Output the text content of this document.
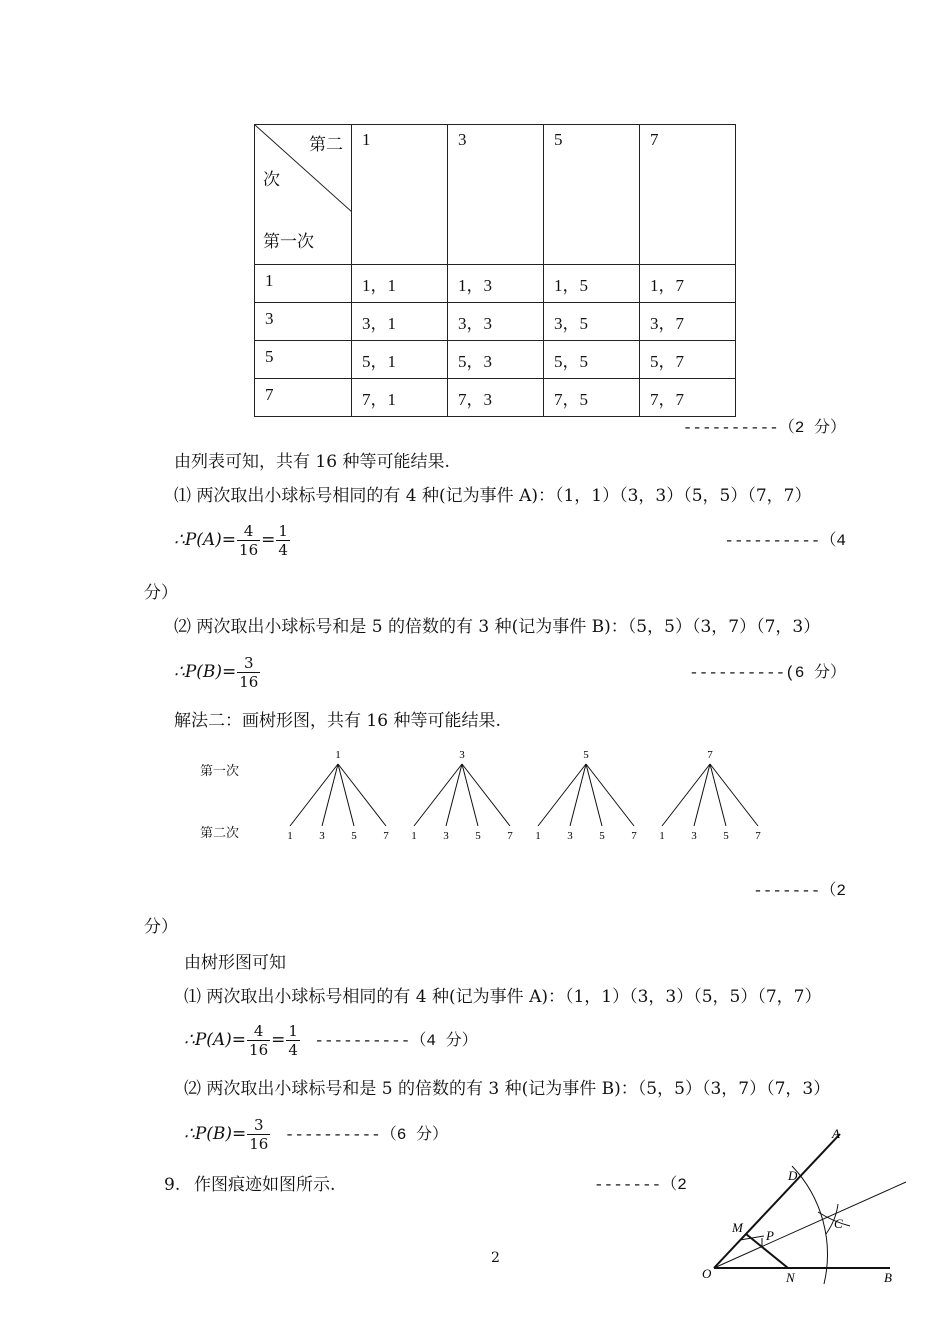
第二
次
第一次	1	3	5	7
1	1，1	1，3	1，5	1，7
3	3，1	3，3	3，5	3，7
5	5，1	5，3	5，5	5，7
7	7，1	7，3	7，5	7，7
----------（2 分）
由列表可知，共有 16 种等可能结果.
⑴ 两次取出小球标号相同的有 4 种(记为事件 A)：（1，1）（3，3）（5，5）（7，7）
∴P(A)= $\frac{4}{16} = \frac{1}{4}$	----------（4
分）
⑵ 两次取出小球标号和是 5 的倍数的有 3 种(记为事件 B)：（5，5）（3，7）（7，3）
∴P(B)= $\frac{3}{16}$	----------(6 分）
解法二：画树形图，共有 16 种等可能结果.
第一次
第二次
1
1 3 5 7
3
1 3 5 7
5
1 3 5 7
7
1 3 5 7
-------（2
分）
由树形图可知
⑴ 两次取出小球标号相同的有 4 种(记为事件 A)：（1，1）（3，3）（5，5）（7，7）
∴P(A)= $\frac{4}{16} = \frac{1}{4} ----------(4$ 分）
⑵ 两次取出小球标号和是 5 的倍数的有 3 种(记为事件 B)：（5，5）（3，7）（7，3）
∴P(B)= $\frac{3}{16} ----------(6$ 分）
9. 作图痕迹如图所示.	-------（2
A
D
C
M
P
O	N	B
2
